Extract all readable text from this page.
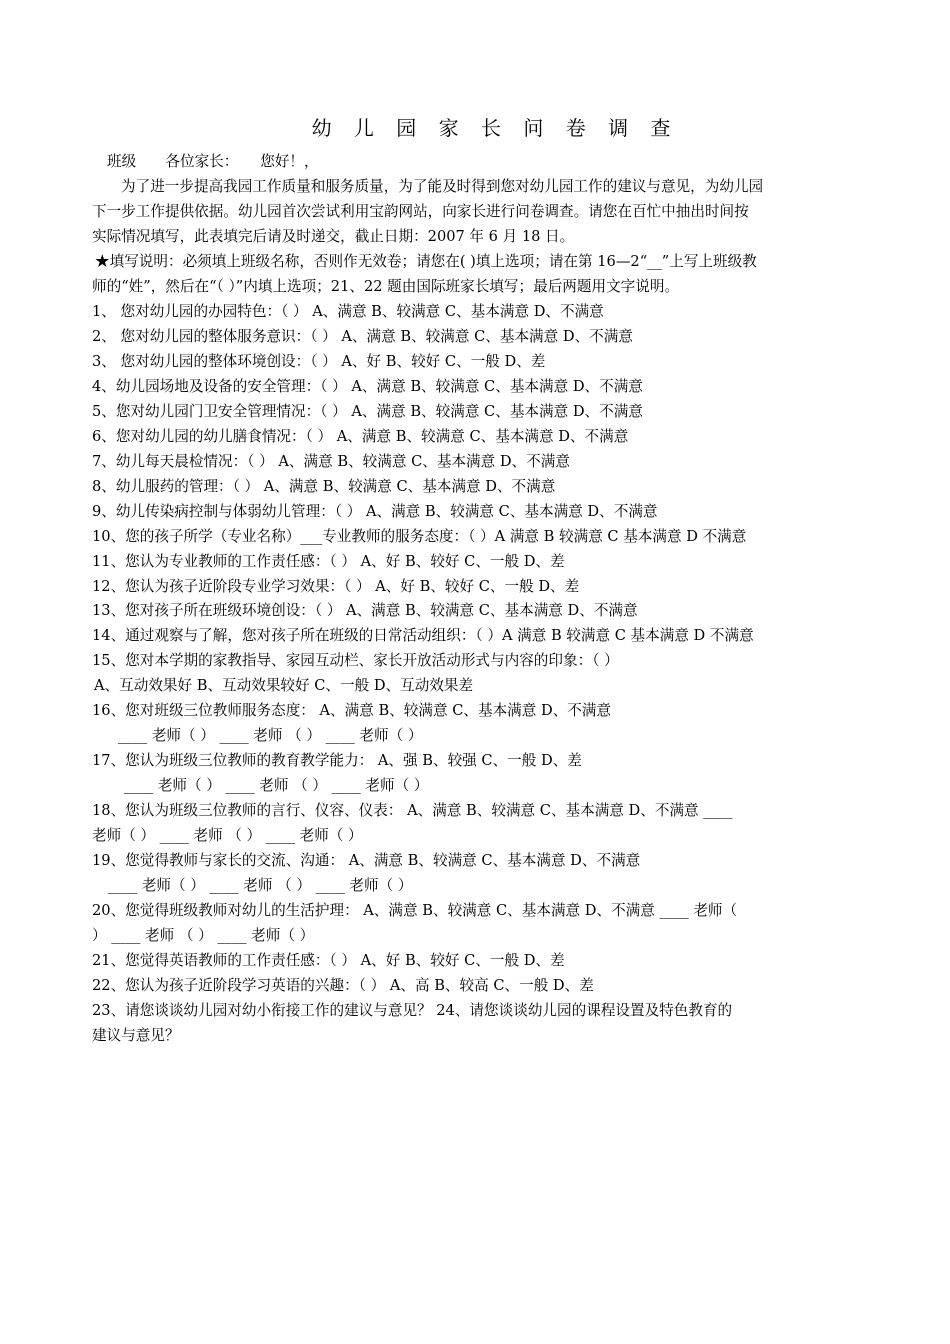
幼 儿 园 家 长 问 卷 调 查
班级　　各位家长：　　您好！，
为了进一步提高我园工作质量和服务质量，为了能及时得到您对幼儿园工作的建议与意见，为幼儿园
下一步工作提供依据。幼儿园首次尝试利用宝韵网站，向家长进行问卷调查。请您在百忙中抽出时间按
实际情况填写，此表填完后请及时递交，截止日期：2007 年 6 月 18 日。
★填写说明：必须填上班级名称，否则作无效卷；请您在( )填上选项；请在第 16—2“__”上写上班级教
师的“姓”，然后在“（ ）”内填上选项；21、22 题由国际班家长填写；最后两题用文字说明。
1、 您对幼儿园的办园特色：（ ） A、满意 B、较满意 C、基本满意 D、不满意
2、 您对幼儿园的整体服务意识：（ ） A、满意 B、较满意 C、基本满意 D、不满意
3、 您对幼儿园的整体环境创设：（ ） A、好 B、较好 C、一般 D、差
4、幼儿园场地及设备的安全管理：（ ） A、满意 B、较满意 C、基本满意 D、不满意
5、您对幼儿园门卫安全管理情况：（ ） A、满意 B、较满意 C、基本满意 D、不满意
6、您对幼儿园的幼儿膳食情况：（ ） A、满意 B、较满意 C、基本满意 D、不满意
7、幼儿每天晨检情况：（ ） A、满意 B、较满意 C、基本满意 D、不满意
8、幼儿服药的管理：（ ） A、满意 B、较满意 C、基本满意 D、不满意
9、幼儿传染病控制与体弱幼儿管理：（ ） A、满意 B、较满意 C、基本满意 D、不满意
10、您的孩子所学（专业名称）___专业教师的服务态度：（ ）A 满意 B 较满意 C 基本满意 D 不满意
11、您认为专业教师的工作责任感：（ ） A、好 B、较好 C、一般 D、差
12、您认为孩子近阶段专业学习效果：（ ） A、好 B、较好 C、一般 D、差
13、您对孩子所在班级环境创设：（ ） A、满意 B、较满意 C、基本满意 D、不满意
14、通过观察与了解，您对孩子所在班级的日常活动组织：（ ）A 满意 B 较满意 C 基本满意 D 不满意
15、您对本学期的家教指导、家园互动栏、家长开放活动形式与内容的印象：（ ）
A、互动效果好 B、互动效果较好 C、一般 D、互动效果差
16、您对班级三位教师服务态度： A、满意 B、较满意 C、基本满意 D、不满意
____ 老师（ ） ____ 老师 （ ） ____ 老师（ ）
17、您认为班级三位教师的教育教学能力： A、强 B、较强 C、一般 D、差
____ 老师（ ） ____ 老师 （ ） ____ 老师（ ）
18、您认为班级三位教师的言行、仪容、仪表： A、满意 B、较满意 C、基本满意 D、不满意 ____
老师（ ） ____ 老师 （ ） ____ 老师（ ）
19、您觉得教师与家长的交流、沟通： A、满意 B、较满意 C、基本满意 D、不满意
____ 老师（ ） ____ 老师 （ ） ____ 老师（ ）
20、您觉得班级教师对幼儿的生活护理： A、满意 B、较满意 C、基本满意 D、不满意 ____ 老师（
） ____ 老师 （ ） ____ 老师（ ）
21、您觉得英语教师的工作责任感：（ ） A、好 B、较好 C、一般 D、差
22、您认为孩子近阶段学习英语的兴趣：（ ） A、高 B、较高 C、一般 D、差
23、请您谈谈幼儿园对幼小衔接工作的建议与意见？ 24、请您谈谈幼儿园的课程设置及特色教育的
建议与意见？
